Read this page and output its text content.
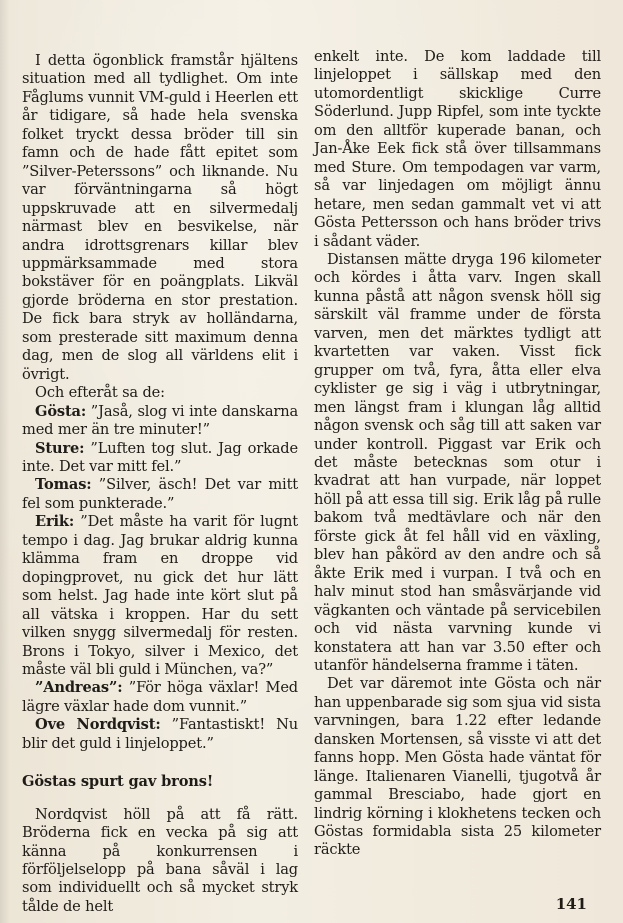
I detta ögonblick framstår hjältens situation med all tydlighet. Om inte Fåglums vunnit VM-guld i Heerlen ett år tidigare, så hade hela svenska folket tryckt dessa bröder till sin famn och de hade fått epitet som ”Silver-Peterssons” och liknande. Nu var förväntningarna så högt uppskruvade att en silvermedalj närmast blev en besvikelse, när andra idrottsgrenars killar blev uppmärksammade med stora bokstäver för en poängplats. Likväl gjorde bröderna en stor prestation. De fick bara stryk av holländarna, som presterade sitt maximum denna dag, men de slog all världens elit i övrigt.

Och efteråt sa de:

Gösta: ”Jaså, slog vi inte danskarna med mer än tre minuter!”

Sture: ”Luften tog slut. Jag orkade inte. Det var mitt fel.”

Tomas: ”Silver, äsch! Det var mitt fel som punkterade.”

Erik: ”Det måste ha varit för lugnt tempo i dag. Jag brukar aldrig kunna klämma fram en droppe vid dopingprovet, nu gick det hur lätt som helst. Jag hade inte kört slut på all vätska i kroppen. Har du sett vilken snygg silvermedalj för resten. Brons i Tokyo, silver i Mexico, det måste väl bli guld i München, va?”

”Andreas”: ”För höga växlar! Med lägre växlar hade dom vunnit.”

Ove Nordqvist: ”Fantastiskt! Nu blir det guld i linjeloppet.”

Göstas spurt gav brons!

Nordqvist höll på att få rätt. Bröderna fick en vecka på sig att känna på konkurrensen i förföljelselopp på bana såväl i lag som individuellt och så mycket stryk tålde de helt

enkelt inte. De kom laddade till linjeloppet i sällskap med den utomordentligt skicklige Curre Söderlund. Jupp Ripfel, som inte tyckte om den alltför kuperade banan, och Jan-Åke Eek fick stå över tillsammans med Sture. Om tempodagen var varm, så var linjedagen om möjligt ännu hetare, men sedan gammalt vet vi att Gösta Pettersson och hans bröder trivs i sådant väder.

Distansen mätte dryga 196 kilometer och kördes i åtta varv. Ingen skall kunna påstå att någon svensk höll sig särskilt väl framme under de första varven, men det märktes tydligt att kvartetten var vaken. Visst fick grupper om två, fyra, åtta eller elva cyklister ge sig i väg i utbrytningar, men längst fram i klungan låg alltid någon svensk och såg till att saken var under kontroll. Piggast var Erik och det måste betecknas som otur i kvadrat att han vurpade, när loppet höll på att essa till sig. Erik låg på rulle bakom två medtävlare och när den förste gick åt fel håll vid en växling, blev han påkörd av den andre och så åkte Erik med i vurpan. I två och en halv minut stod han småsvärjande vid vägkanten och väntade på servicebilen och vid nästa varvning kunde vi konstatera att han var 3.50 efter och utanför händelserna framme i täten.

Det var däremot inte Gösta och när han uppenbarade sig som sjua vid sista varvningen, bara 1.22 efter ledande dansken Mortensen, så visste vi att det fanns hopp. Men Gösta hade väntat för länge. Italienaren Vianelli, tjugotvå år gammal Bresciabo, hade gjort en lindrig körning i klokhetens tecken och Göstas formidabla sista 25 kilometer räckte

141
